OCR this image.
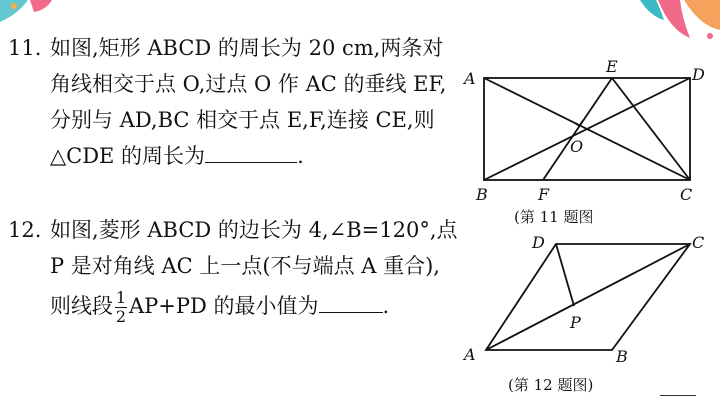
11. 如图,矩形 ABCD 的周长为 20 cm,两条对
角线相交于点 O,过点 O 作 AC 的垂线 EF,
分别与 AD,BC 相交于点 E,F,连接 CE,则
△CDE 的周长为	.
12. 如图,菱形 ABCD 的边长为 4,∠B=120°,点
P 是对角线 AC 上一点(不与端点 A 重合),
则线段 $\frac{1}{2} AP+PD$ 的最小值为	.
A
B	C
D
E
F
O
(第 11 题图
A	B
C
D
P
(第 12 题图)
